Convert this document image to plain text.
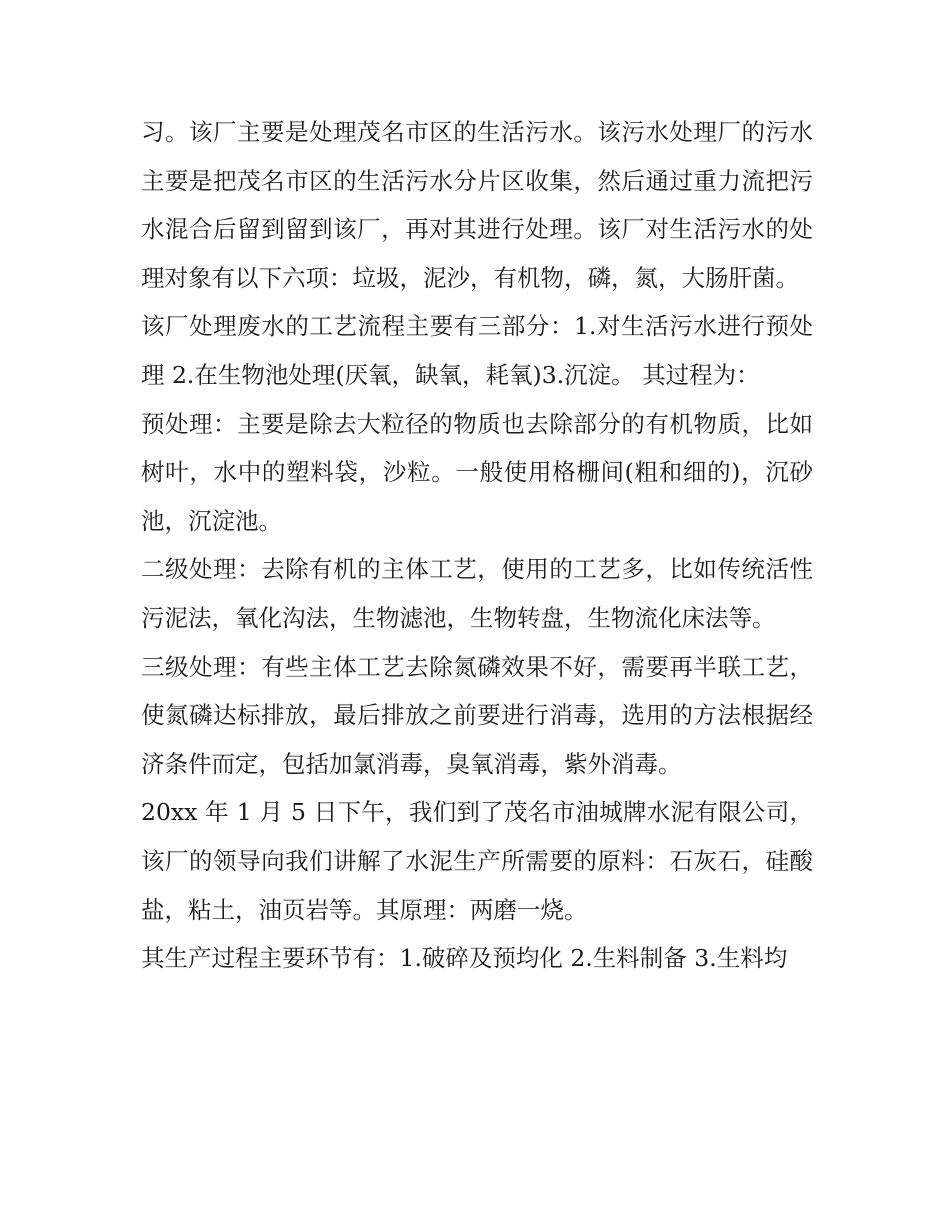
习。该厂主要是处理茂名市区的生活污水。该污水处理厂的污水主要是把茂名市区的生活污水分片区收集，然后通过重力流把污水混合后留到留到该厂，再对其进行处理。该厂对生活污水的处理对象有以下六项：垃圾，泥沙，有机物，磷，氮，大肠肝菌。

该厂处理废水的工艺流程主要有三部分：1.对生活污水进行预处理 2.在生物池处理(厌氧，缺氧，耗氧)3.沉淀。 其过程为：

预处理：主要是除去大粒径的物质也去除部分的有机物质，比如树叶，水中的塑料袋，沙粒。一般使用格栅间(粗和细的)，沉砂池，沉淀池。

二级处理：去除有机的主体工艺，使用的工艺多，比如传统活性污泥法，氧化沟法，生物滤池，生物转盘，生物流化床法等。

三级处理：有些主体工艺去除氮磷效果不好，需要再半联工艺，使氮磷达标排放，最后排放之前要进行消毒，选用的方法根据经济条件而定，包括加氯消毒，臭氧消毒，紫外消毒。

20xx 年 1 月 5 日下午，我们到了茂名市油城牌水泥有限公司，该厂的领导向我们讲解了水泥生产所需要的原料：石灰石，硅酸盐，粘土，油页岩等。其原理：两磨一烧。

其生产过程主要环节有：1.破碎及预均化 2.生料制备 3.生料均
